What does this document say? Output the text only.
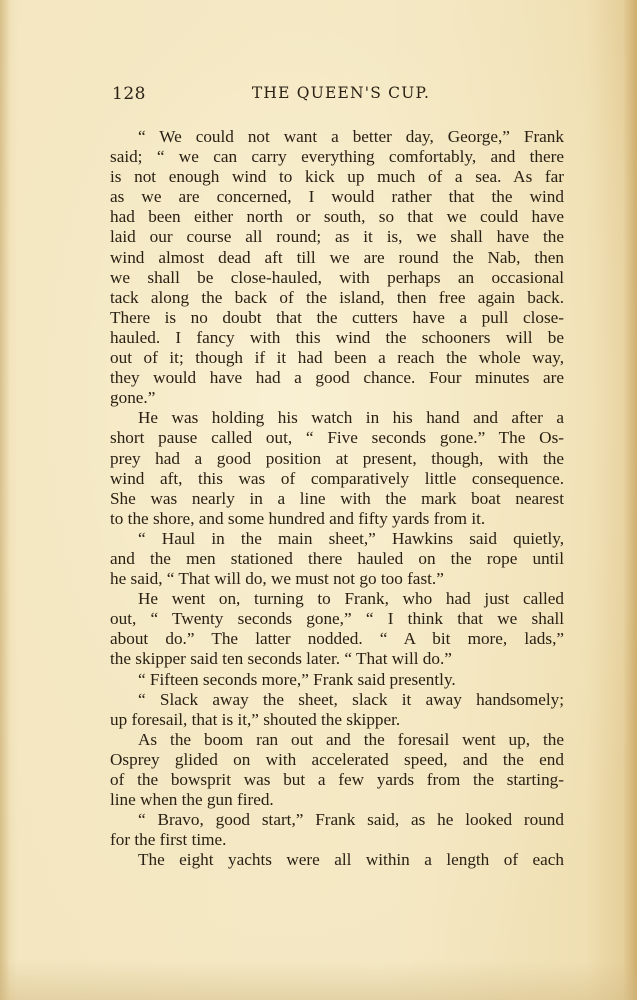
128	THE QUEEN'S CUP.
“ We could not want a better day, George,” Frank
said; “ we can carry everything comfortably, and there
is not enough wind to kick up much of a sea. As far
as we are concerned, I would rather that the wind
had been either north or south, so that we could have
laid our course all round; as it is, we shall have the
wind almost dead aft till we are round the Nab, then
we shall be close-hauled, with perhaps an occasional
tack along the back of the island, then free again back.
There is no doubt that the cutters have a pull close-
hauled. I fancy with this wind the schooners will be
out of it; though if it had been a reach the whole way,
they would have had a good chance. Four minutes are
gone.”
He was holding his watch in his hand and after a
short pause called out, “ Five seconds gone.” The Os-
prey had a good position at present, though, with the
wind aft, this was of comparatively little consequence.
She was nearly in a line with the mark boat nearest
to the shore, and some hundred and fifty yards from it.
“ Haul in the main sheet,” Hawkins said quietly,
and the men stationed there hauled on the rope until
he said, “ That will do, we must not go too fast.”
He went on, turning to Frank, who had just called
out, “ Twenty seconds gone,” “ I think that we shall
about do.” The latter nodded. “ A bit more, lads,”
the skipper said ten seconds later. “ That will do.”
“ Fifteen seconds more,” Frank said presently.
“ Slack away the sheet, slack it away handsomely;
up foresail, that is it,” shouted the skipper.
As the boom ran out and the foresail went up, the
Osprey glided on with accelerated speed, and the end
of the bowsprit was but a few yards from the starting-
line when the gun fired.
“ Bravo, good start,” Frank said, as he looked round
for the first time.
The eight yachts were all within a length of each
